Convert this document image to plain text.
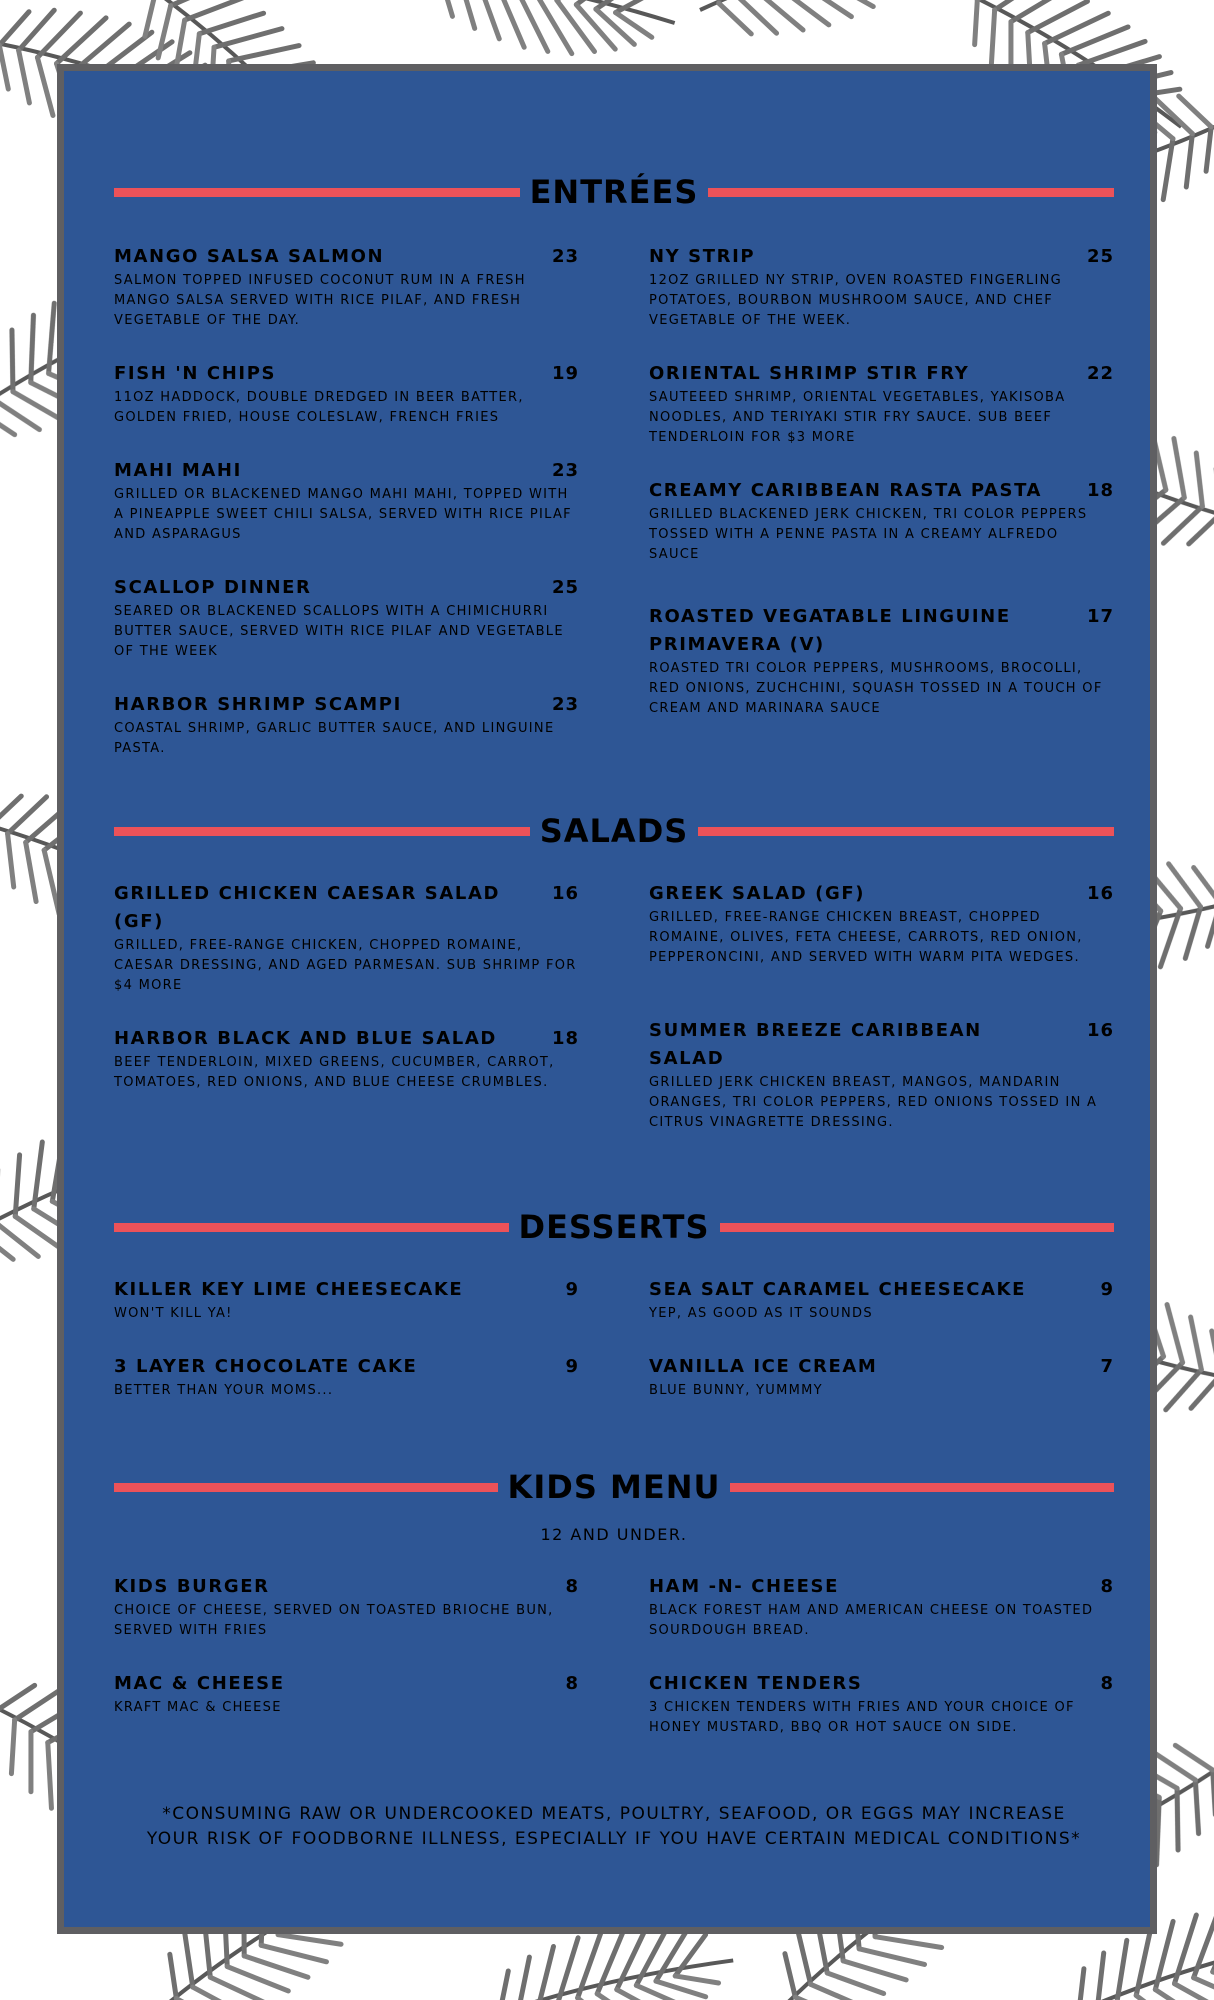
ENTRÉES
MANGO SALSA SALMON	23
SALMON TOPPED INFUSED COCONUT RUM IN A FRESH MANGO SALSA SERVED WITH RICE PILAF, AND FRESH VEGETABLE OF THE DAY.
FISH 'N CHIPS	19
11OZ HADDOCK, DOUBLE DREDGED IN BEER BATTER, GOLDEN FRIED, HOUSE COLESLAW, FRENCH FRIES
MAHI MAHI	23
GRILLED OR BLACKENED MANGO MAHI MAHI, TOPPED WITH A PINEAPPLE SWEET CHILI SALSA, SERVED WITH RICE PILAF AND ASPARAGUS
SCALLOP DINNER	25
SEARED OR BLACKENED SCALLOPS WITH A CHIMICHURRI BUTTER SAUCE, SERVED WITH RICE PILAF AND VEGETABLE OF THE WEEK
HARBOR SHRIMP SCAMPI	23
COASTAL SHRIMP, GARLIC BUTTER SAUCE, AND LINGUINE PASTA.
NY STRIP	25
12OZ GRILLED NY STRIP, OVEN ROASTED FINGERLING POTATOES, BOURBON MUSHROOM SAUCE, AND CHEF VEGETABLE OF THE WEEK.
ORIENTAL SHRIMP STIR FRY	22
SAUTEEED SHRIMP, ORIENTAL VEGETABLES, YAKISOBA NOODLES, AND TERIYAKI STIR FRY SAUCE. SUB BEEF TENDERLOIN FOR $3 MORE
CREAMY CARIBBEAN RASTA PASTA 18
GRILLED BLACKENED JERK CHICKEN, TRI COLOR PEPPERS TOSSED WITH A PENNE PASTA IN A CREAMY ALFREDO SAUCE
ROASTED VEGATABLE LINGUINE PRIMAVERA (V)
17
ROASTED TRI COLOR PEPPERS, MUSHROOMS, BROCOLLI, RED ONIONS, ZUCHCHINI, SQUASH TOSSED IN A TOUCH OF CREAM AND MARINARA SAUCE
SALADS
GRILLED CHICKEN CAESAR SALAD (GF)
16
GRILLED, FREE-RANGE CHICKEN, CHOPPED ROMAINE, CAESAR DRESSING, AND AGED PARMESAN. SUB SHRIMP FOR $4 MORE
HARBOR BLACK AND BLUE SALAD	18
BEEF TENDERLOIN, MIXED GREENS, CUCUMBER, CARROT, TOMATOES, RED ONIONS, AND BLUE CHEESE CRUMBLES.
GREEK SALAD (GF)	16
GRILLED, FREE-RANGE CHICKEN BREAST, CHOPPED ROMAINE, OLIVES, FETA CHEESE, CARROTS, RED ONION, PEPPERONCINI, AND SERVED WITH WARM PITA WEDGES.
SUMMER BREEZE CARIBBEAN SALAD
16
GRILLED JERK CHICKEN BREAST, MANGOS, MANDARIN ORANGES, TRI COLOR PEPPERS, RED ONIONS TOSSED IN A CITRUS VINAGRETTE DRESSING.
DESSERTS
KILLER KEY LIME CHEESECAKE	9
WON'T KILL YA!
3 LAYER CHOCOLATE CAKE	9
BETTER THAN YOUR MOMS...
SEA SALT CARAMEL CHEESECAKE	9
YEP, AS GOOD AS IT SOUNDS
VANILLA ICE CREAM	7
BLUE BUNNY, YUMMMY
KIDS MENU
12 AND UNDER.
KIDS BURGER	8
CHOICE OF CHEESE, SERVED ON TOASTED BRIOCHE BUN, SERVED WITH FRIES
MAC & CHEESE	8
KRAFT MAC & CHEESE
HAM -N- CHEESE	8
BLACK FOREST HAM AND AMERICAN CHEESE ON TOASTED SOURDOUGH BREAD.
CHICKEN TENDERS	8
3 CHICKEN TENDERS WITH FRIES AND YOUR CHOICE OF HONEY MUSTARD, BBQ OR HOT SAUCE ON SIDE.
*CONSUMING RAW OR UNDERCOOKED MEATS, POULTRY, SEAFOOD, OR EGGS MAY INCREASE
YOUR RISK OF FOODBORNE ILLNESS, ESPECIALLY IF YOU HAVE CERTAIN MEDICAL CONDITIONS*
